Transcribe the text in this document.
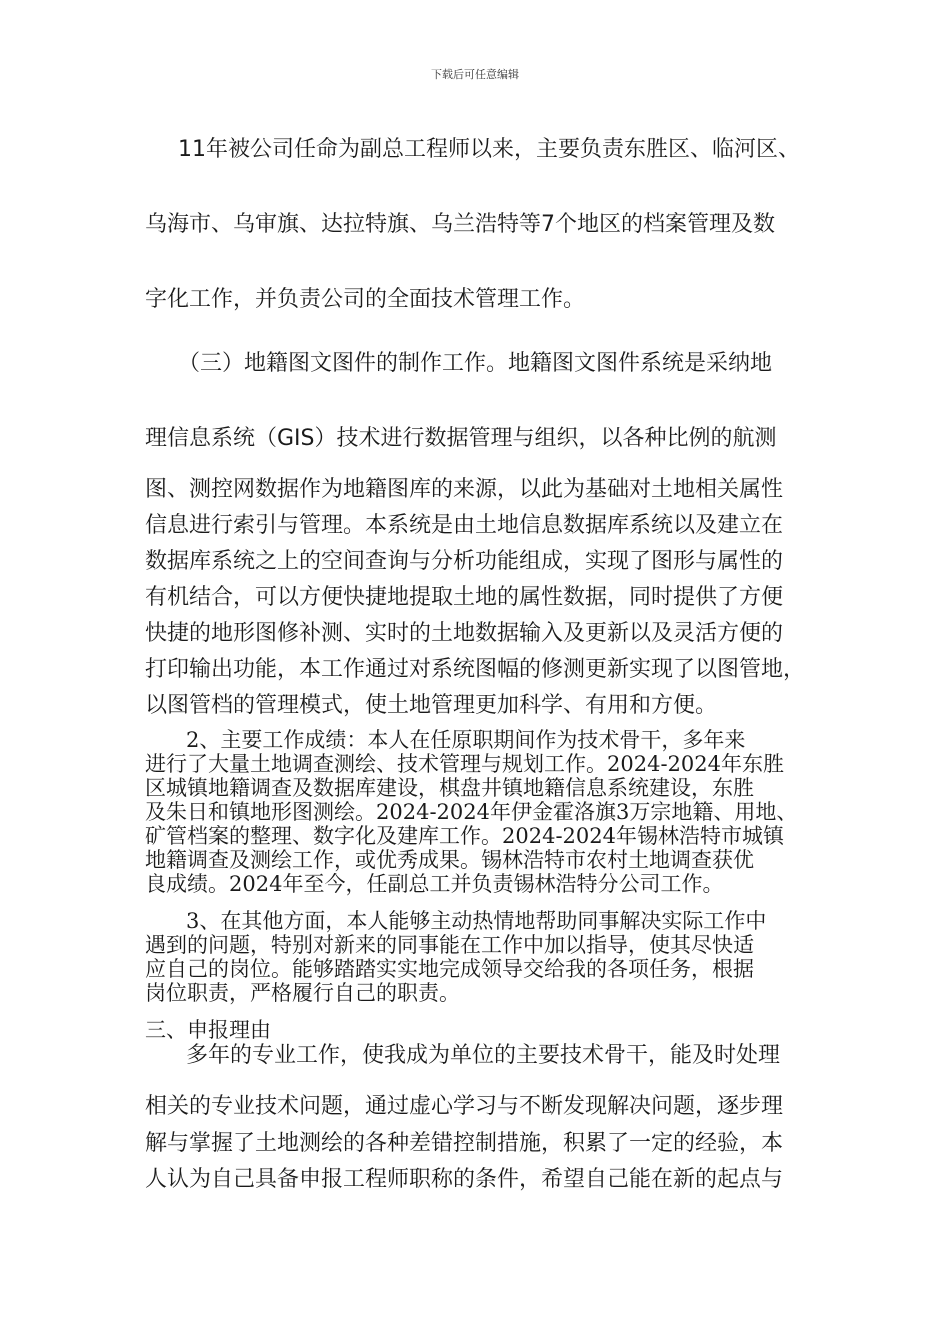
下载后可任意编辑
11年被公司任命为副总工程师以来，主要负责东胜区、临河区、
乌海市、乌审旗、达拉特旗、乌兰浩特等7个地区的档案管理及数
字化工作，并负责公司的全面技术管理工作。
（三）地籍图文图件的制作工作。地籍图文图件系统是采纳地
理信息系统（GIS）技术进行数据管理与组织，以各种比例的航测
图、测控网数据作为地籍图库的来源，以此为基础对土地相关属性
信息进行索引与管理。本系统是由土地信息数据库系统以及建立在
数据库系统之上的空间查询与分析功能组成，实现了图形与属性的
有机结合，可以方便快捷地提取土地的属性数据，同时提供了方便
快捷的地形图修补测、实时的土地数据输入及更新以及灵活方便的
打印输出功能，本工作通过对系统图幅的修测更新实现了以图管地，
以图管档的管理模式，使土地管理更加科学、有用和方便。
2、主要工作成绩：本人在任原职期间作为技术骨干，多年来
进行了大量土地调查测绘、技术管理与规划工作。2024-2024年东胜
区城镇地籍调查及数据库建设，棋盘井镇地籍信息系统建设，东胜
及朱日和镇地形图测绘。2024-2024年伊金霍洛旗3万宗地籍、用地、
矿管档案的整理、数字化及建库工作。2024-2024年锡林浩特市城镇
地籍调查及测绘工作，或优秀成果。锡林浩特市农村土地调查获优
良成绩。2024年至今，任副总工并负责锡林浩特分公司工作。
3、在其他方面，本人能够主动热情地帮助同事解决实际工作中
遇到的问题，特别对新来的同事能在工作中加以指导，使其尽快适
应自己的岗位。能够踏踏实实地完成领导交给我的各项任务，根据
岗位职责，严格履行自己的职责。
三、申报理由
多年的专业工作，使我成为单位的主要技术骨干，能及时处理
相关的专业技术问题，通过虚心学习与不断发现解决问题，逐步理
解与掌握了土地测绘的各种差错控制措施，积累了一定的经验，本
人认为自己具备申报工程师职称的条件，希望自己能在新的起点与
